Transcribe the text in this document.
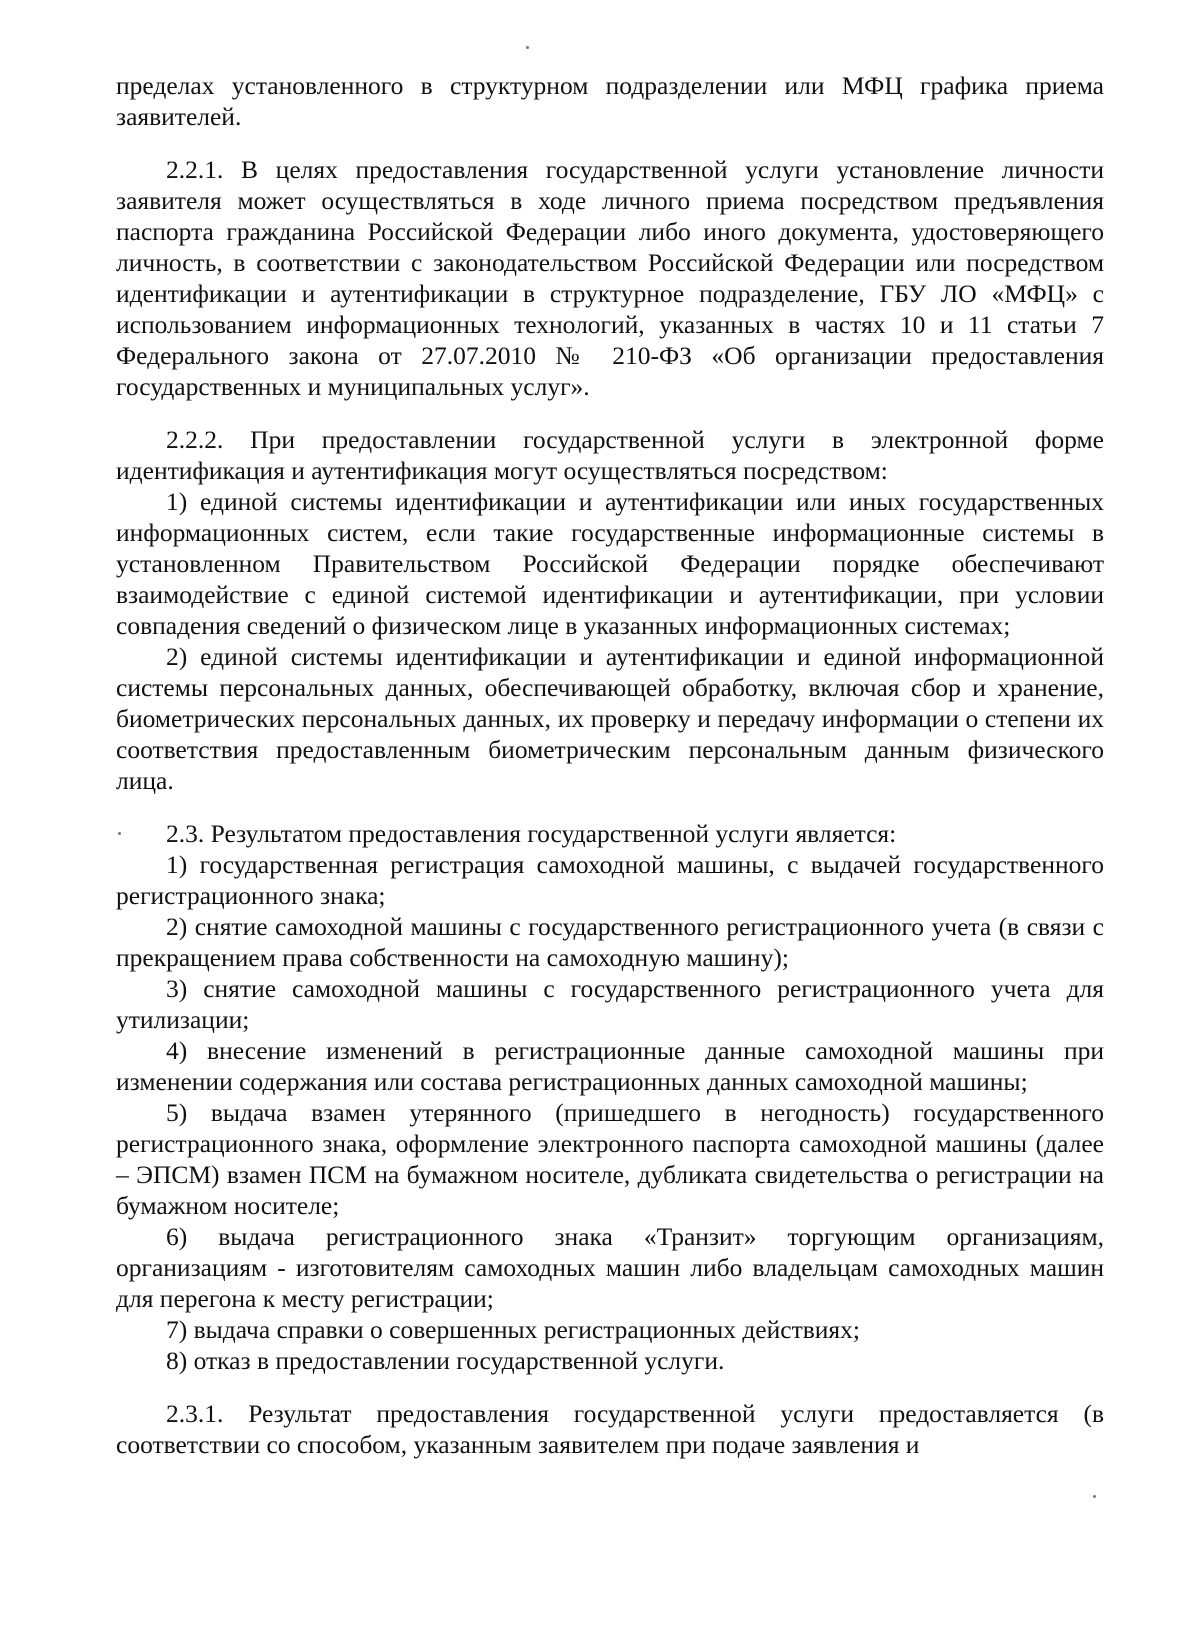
пределах установленного в структурном подразделении или МФЦ графика приема заявителей.

2.2.1. В целях предоставления государственной услуги установление личности заявителя может осуществляться в ходе личного приема посредством предъявления паспорта гражданина Российской Федерации либо иного документа, удостоверяющего личность, в соответствии с законодательством Российской Федерации или посредством идентификации и аутентификации в структурное подразделение, ГБУ ЛО «МФЦ» с использованием информационных технологий, указанных в частях 10 и 11 статьи 7 Федерального закона от 27.07.2010 № 210-ФЗ «Об организации предоставления государственных и муниципальных услуг».

2.2.2. При предоставлении государственной услуги в электронной форме идентификация и аутентификация могут осуществляться посредством:

1) единой системы идентификации и аутентификации или иных государственных информационных систем, если такие государственные информационные системы в установленном Правительством Российской Федерации порядке обеспечивают взаимодействие с единой системой идентификации и аутентификации, при условии совпадения сведений о физическом лице в указанных информационных системах;

2) единой системы идентификации и аутентификации и единой информационной системы персональных данных, обеспечивающей обработку, включая сбор и хранение, биометрических персональных данных, их проверку и передачу информации о степени их соответствия предоставленным биометрическим персональным данным физического лица.

2.3. Результатом предоставления государственной услуги является:

1) государственная регистрация самоходной машины, с выдачей государственного регистрационного знака;

2) снятие самоходной машины с государственного регистрационного учета (в связи с прекращением права собственности на самоходную машину);

3) снятие самоходной машины с государственного регистрационного учета для утилизации;

4) внесение изменений в регистрационные данные самоходной машины при изменении содержания или состава регистрационных данных самоходной машины;

5) выдача взамен утерянного (пришедшего в негодность) государственного регистрационного знака, оформление электронного паспорта самоходной машины (далее – ЭПСМ) взамен ПСМ на бумажном носителе, дубликата свидетельства о регистрации на бумажном носителе;

6) выдача регистрационного знака «Транзит» торгующим организациям, организациям - изготовителям самоходных машин либо владельцам самоходных машин для перегона к месту регистрации;

7) выдача справки о совершенных регистрационных действиях;

8) отказ в предоставлении государственной услуги.

2.3.1. Результат предоставления государственной услуги предоставляется (в соответствии со способом, указанным заявителем при подаче заявления и
